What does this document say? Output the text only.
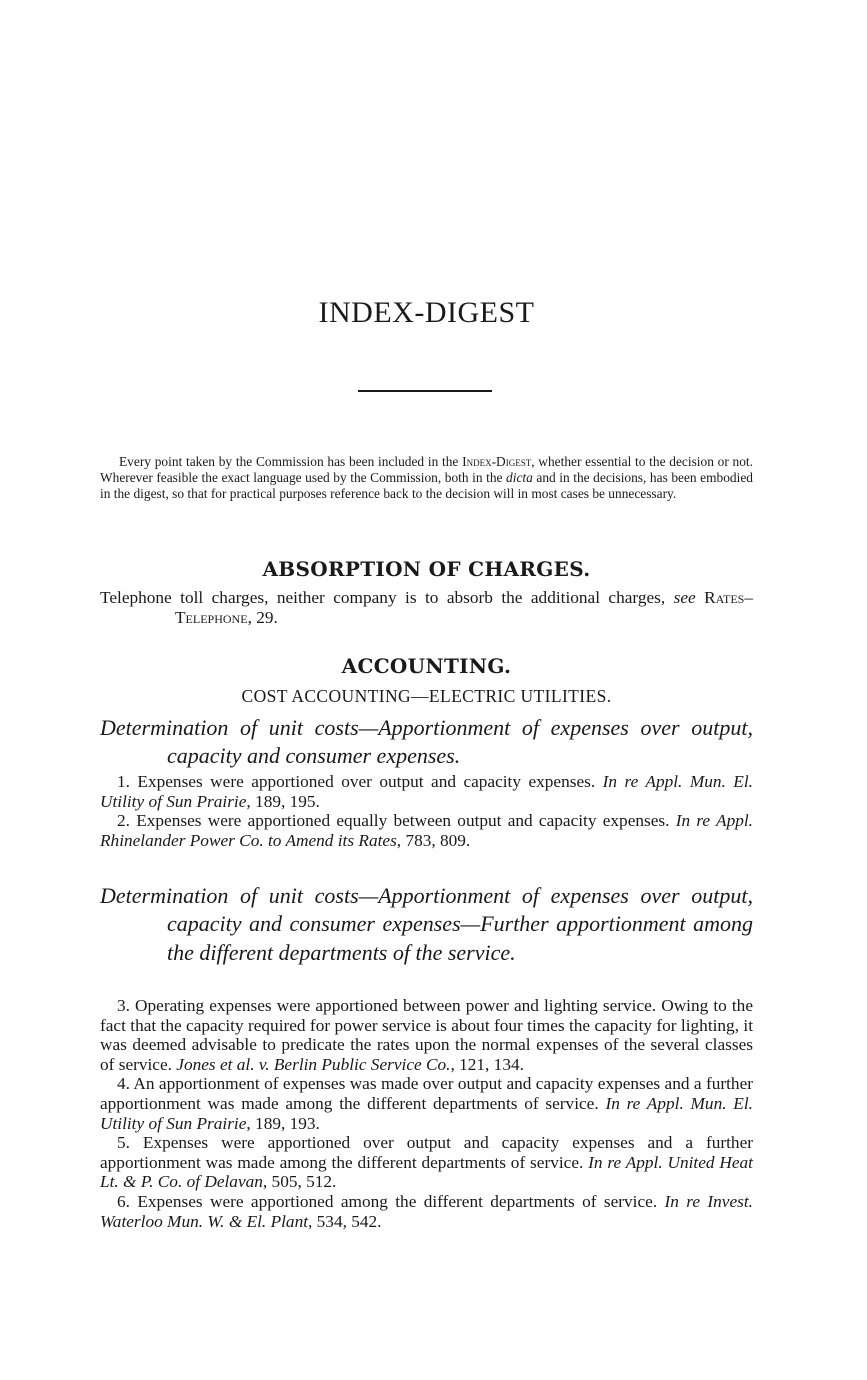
INDEX-DIGEST

Every point taken by the Commission has been included in the Index-Digest, whether essential to the decision or not. Wherever feasible the exact language used by the Commission, both in the dicta and in the decisions, has been embodied in the digest, so that for practical purposes reference back to the decision will in most cases be unnecessary.

ABSORPTION OF CHARGES.

Telephone toll charges, neither company is to absorb the additional charges, see Rates–Telephone, 29.

ACCOUNTING.

COST ACCOUNTING—ELECTRIC UTILITIES.

Determination of unit costs—Apportionment of expenses over output, capacity and consumer expenses.

1. Expenses were apportioned over output and capacity expenses. In re Appl. Mun. El. Utility of Sun Prairie, 189, 195.

2. Expenses were apportioned equally between output and capacity expenses. In re Appl. Rhinelander Power Co. to Amend its Rates, 783, 809.

Determination of unit costs—Apportionment of expenses over output, capacity and consumer expenses—Further apportionment among the different departments of the service.

3. Operating expenses were apportioned between power and lighting service. Owing to the fact that the capacity required for power service is about four times the capacity for lighting, it was deemed advisable to predicate the rates upon the normal expenses of the several classes of service. Jones et al. v. Berlin Public Service Co., 121, 134.

4. An apportionment of expenses was made over output and capacity expenses and a further apportionment was made among the different departments of service. In re Appl. Mun. El. Utility of Sun Prairie, 189, 193.

5. Expenses were apportioned over output and capacity expenses and a further apportionment was made among the different departments of service. In re Appl. United Heat Lt. & P. Co. of Delavan, 505, 512.

6. Expenses were apportioned among the different departments of service. In re Invest. Waterloo Mun. W. & El. Plant, 534, 542.
